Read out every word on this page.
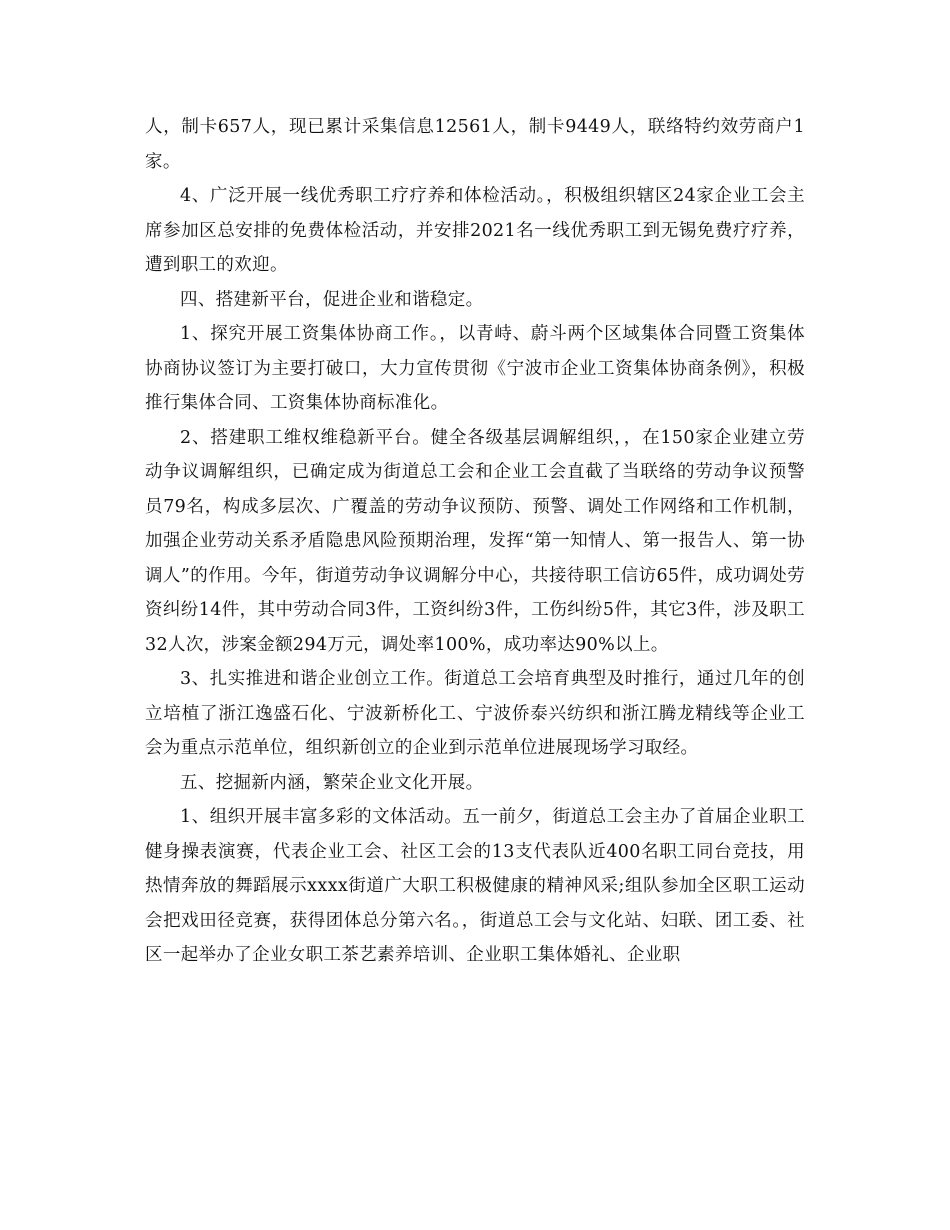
人，制卡657人，现已累计采集信息12561人，制卡9449人，联络特约效劳商户1家。

4、广泛开展一线优秀职工疗疗养和体检活动。，积极组织辖区24家企业工会主席参加区总安排的免费体检活动，并安排2021名一线优秀职工到无锡免费疗疗养，遭到职工的欢迎。

四、搭建新平台，促进企业和谐稳定。

1、探究开展工资集体协商工作。，以青峙、蔚斗两个区域集体合同暨工资集体协商协议签订为主要打破口，大力宣传贯彻《宁波市企业工资集体协商条例》，积极推行集体合同、工资集体协商标准化。

2、搭建职工维权维稳新平台。健全各级基层调解组织，，在150家企业建立劳动争议调解组织，已确定成为街道总工会和企业工会直截了当联络的劳动争议预警员79名，构成多层次、广覆盖的劳动争议预防、预警、调处工作网络和工作机制，加强企业劳动关系矛盾隐患风险预期治理，发挥“第一知情人、第一报告人、第一协调人”的作用。今年，街道劳动争议调解分中心，共接待职工信访65件，成功调处劳资纠纷14件，其中劳动合同3件，工资纠纷3件，工伤纠纷5件，其它3件，涉及职工32人次，涉案金额294万元，调处率100%，成功率达90%以上。

3、扎实推进和谐企业创立工作。街道总工会培育典型及时推行，通过几年的创立培植了浙江逸盛石化、宁波新桥化工、宁波侨泰兴纺织和浙江腾龙精线等企业工会为重点示范单位，组织新创立的企业到示范单位进展现场学习取经。

五、挖掘新内涵，繁荣企业文化开展。

1、组织开展丰富多彩的文体活动。五一前夕，街道总工会主办了首届企业职工健身操表演赛，代表企业工会、社区工会的13支代表队近400名职工同台竞技，用热情奔放的舞蹈展示xxxx街道广大职工积极健康的精神风采;组队参加全区职工运动会把戏田径竞赛，获得团体总分第六名。，街道总工会与文化站、妇联、团工委、社区一起举办了企业女职工茶艺素养培训、企业职工集体婚礼、企业职
